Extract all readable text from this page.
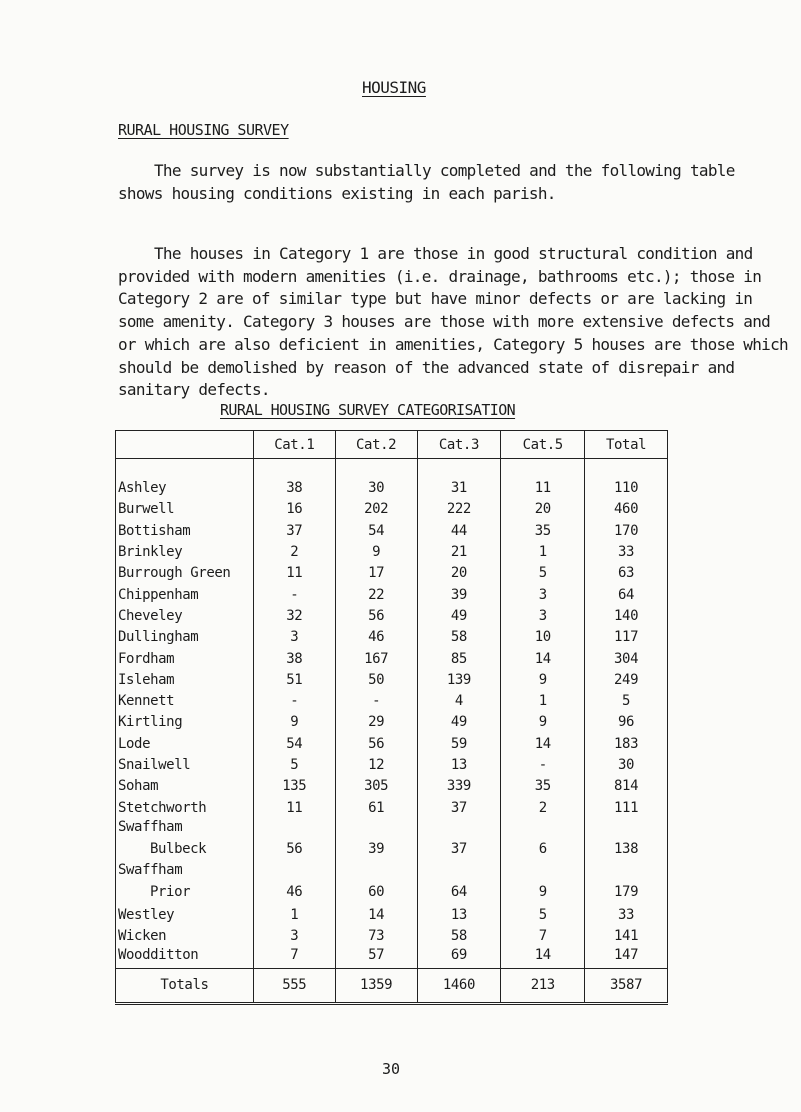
HOUSING
RURAL HOUSING SURVEY

The survey is now substantially completed and the following table shows housing conditions existing in each parish.

The houses in Category 1 are those in good structural condition and provided with modern amenities (i.e. drainage, bathrooms etc.); those in Category 2 are of similar type but have minor defects or are lacking in some amenity. Category 3 houses are those with more extensive defects and or which are also deficient in amenities, Category 5 houses are those which should be demolished by reason of the advanced state of disrepair and sanitary defects.

RURAL HOUSING SURVEY CATEGORISATION
	Cat.1	Cat.2	Cat.3	Cat.5	Total

Ashley	38	30	31	11	110
Burwell	16	202	222	20	460
Bottisham	37	54	44	35	170
Brinkley	2	9	21	1	33
Burrough Green	11	17	20	5	63
Chippenham	-	22	39	3	64
Cheveley	32	56	49	3	140
Dullingham	3	46	58	10	117
Fordham	38	167	85	14	304
Isleham	51	50	139	9	249
Kennett	-	-	4	1	5
Kirtling	9	29	49	9	96
Lode	54	56	59	14	183
Snailwell	5	12	13	-	30
Soham	135	305	339	35	814
Stetchworth	11	61	37	2	111
Swaffham					
Bulbeck	56	39	37	6	138
Swaffham					
Prior	46	60	64	9	179
Westley	1	14	13	5	33
Wicken	3	73	58	7	141
Woodditton	7	57	69	14	147
Totals	555	1359	1460	213	3587
30
